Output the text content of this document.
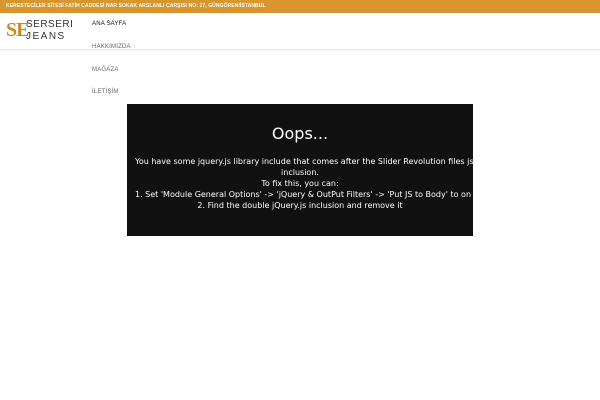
KERESTECİLER SİTESİ FATİH CADDESİ NAR SOKAK ARSLANLI ÇARŞISI NO: 17, GÜNGÖREN/İSTANBUL
SE
SERSERI
JEANS
ANA SAYFA
HAKKIMIZDA
MAĞAZA
İLETİŞİM
Oops...
You have some jquery.js library include that comes after the Slider Revolution files js
inclusion.
To fix this, you can:
1. Set 'Module General Options' -> 'jQuery & OutPut Filters' -> 'Put JS to Body' to on
2. Find the double jQuery.js inclusion and remove it
